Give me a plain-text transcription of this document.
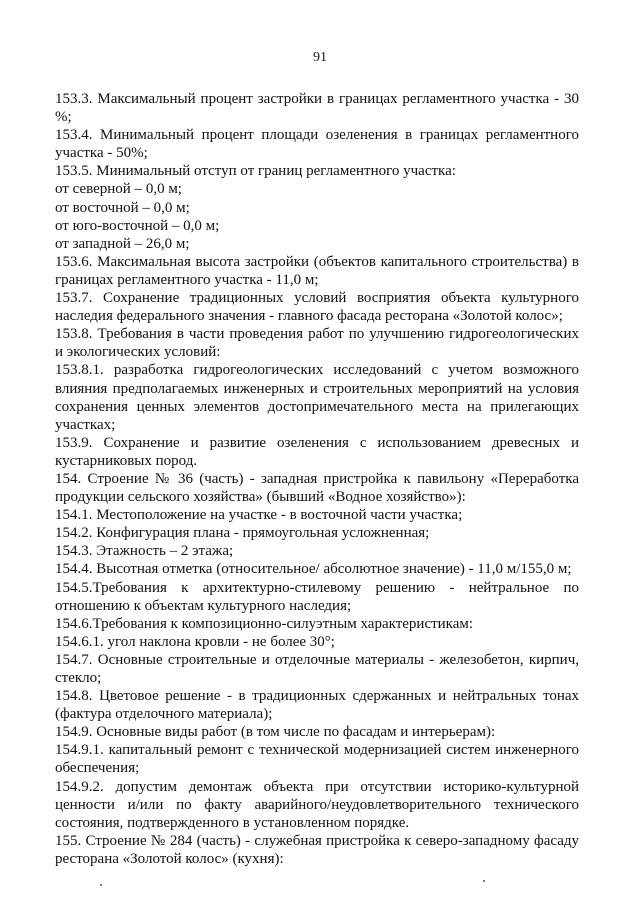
91

153.3. Максимальный процент застройки в границах регламентного участка - 30 %;

153.4. Минимальный процент площади озеленения в границах регламентного участка - 50%;

153.5. Минимальный отступ от границ регламентного участка:

от северной – 0,0 м;

от восточной – 0,0 м;

от юго-восточной – 0,0 м;

от западной – 26,0 м;

153.6. Максимальная высота застройки (объектов капитального строительства) в границах регламентного участка - 11,0 м;

153.7. Сохранение традиционных условий восприятия объекта культурного наследия федерального значения - главного фасада ресторана «Золотой колос»;

153.8. Требования в части проведения работ по улучшению гидрогеологических и экологических условий:

153.8.1. разработка гидрогеологических исследований с учетом возможного влияния предполагаемых инженерных и строительных мероприятий на условия сохранения ценных элементов достопримечательного места на прилегающих участках;

153.9. Сохранение и развитие озеленения с использованием древесных и кустарниковых пород.

154. Строение № 36 (часть) - западная пристройка к павильону «Переработка продукции сельского хозяйства» (бывший «Водное хозяйство»):

154.1. Местоположение на участке - в восточной части участка;

154.2. Конфигурация плана - прямоугольная усложненная;

154.3. Этажность – 2 этажа;

154.4. Высотная отметка (относительное/ абсолютное значение) - 11,0 м/155,0 м;

154.5.Требования к архитектурно-стилевому решению - нейтральное по отношению к объектам культурного наследия;

154.6.Требования к композиционно-силуэтным характеристикам:

154.6.1. угол наклона кровли - не более 30°;

154.7. Основные строительные и отделочные материалы - железобетон, кирпич, стекло;

154.8. Цветовое решение - в традиционных сдержанных и нейтральных тонах (фактура отделочного материала);

154.9. Основные виды работ (в том числе по фасадам и интерьерам):

154.9.1. капитальный ремонт с технической модернизацией систем инженерного обеспечения;

154.9.2. допустим демонтаж объекта при отсутствии историко-культурной ценности и/или по факту аварийного/неудовлетворительного технического состояния, подтвержденного в установленном порядке.

155. Строение № 284 (часть) - служебная пристройка к северо-западному фасаду ресторана «Золотой колос» (кухня):
